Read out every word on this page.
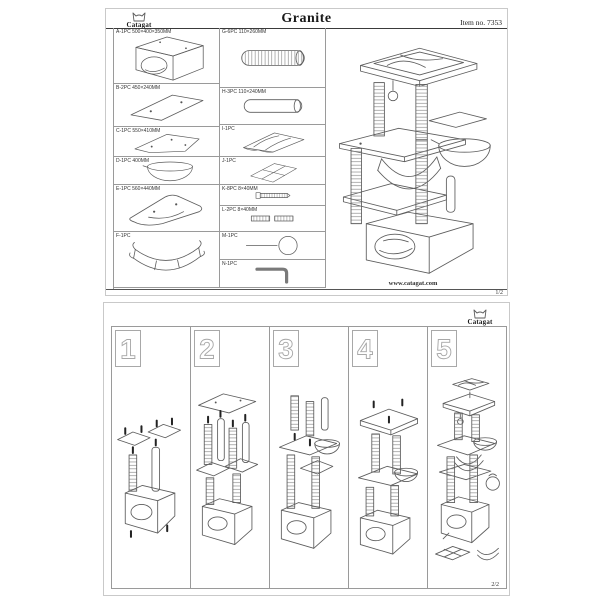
Catagat	Granite	Item no. 7353
A-1PC 500×400×350MM
B-2PC 450×240MM
C-1PC 550×410MM
D-1PC 400MM
E-1PC 560×440MM
F-1PC
G-6PC 110×260MM
H-3PC 110×240MM
I-1PC
J-1PC
K-8PC 8×40MM
L-2PC 8×40MM
M-1PC
N-1PC
www.catagat.com
1/2
Catagat
1 2 3 4 5
2/2
